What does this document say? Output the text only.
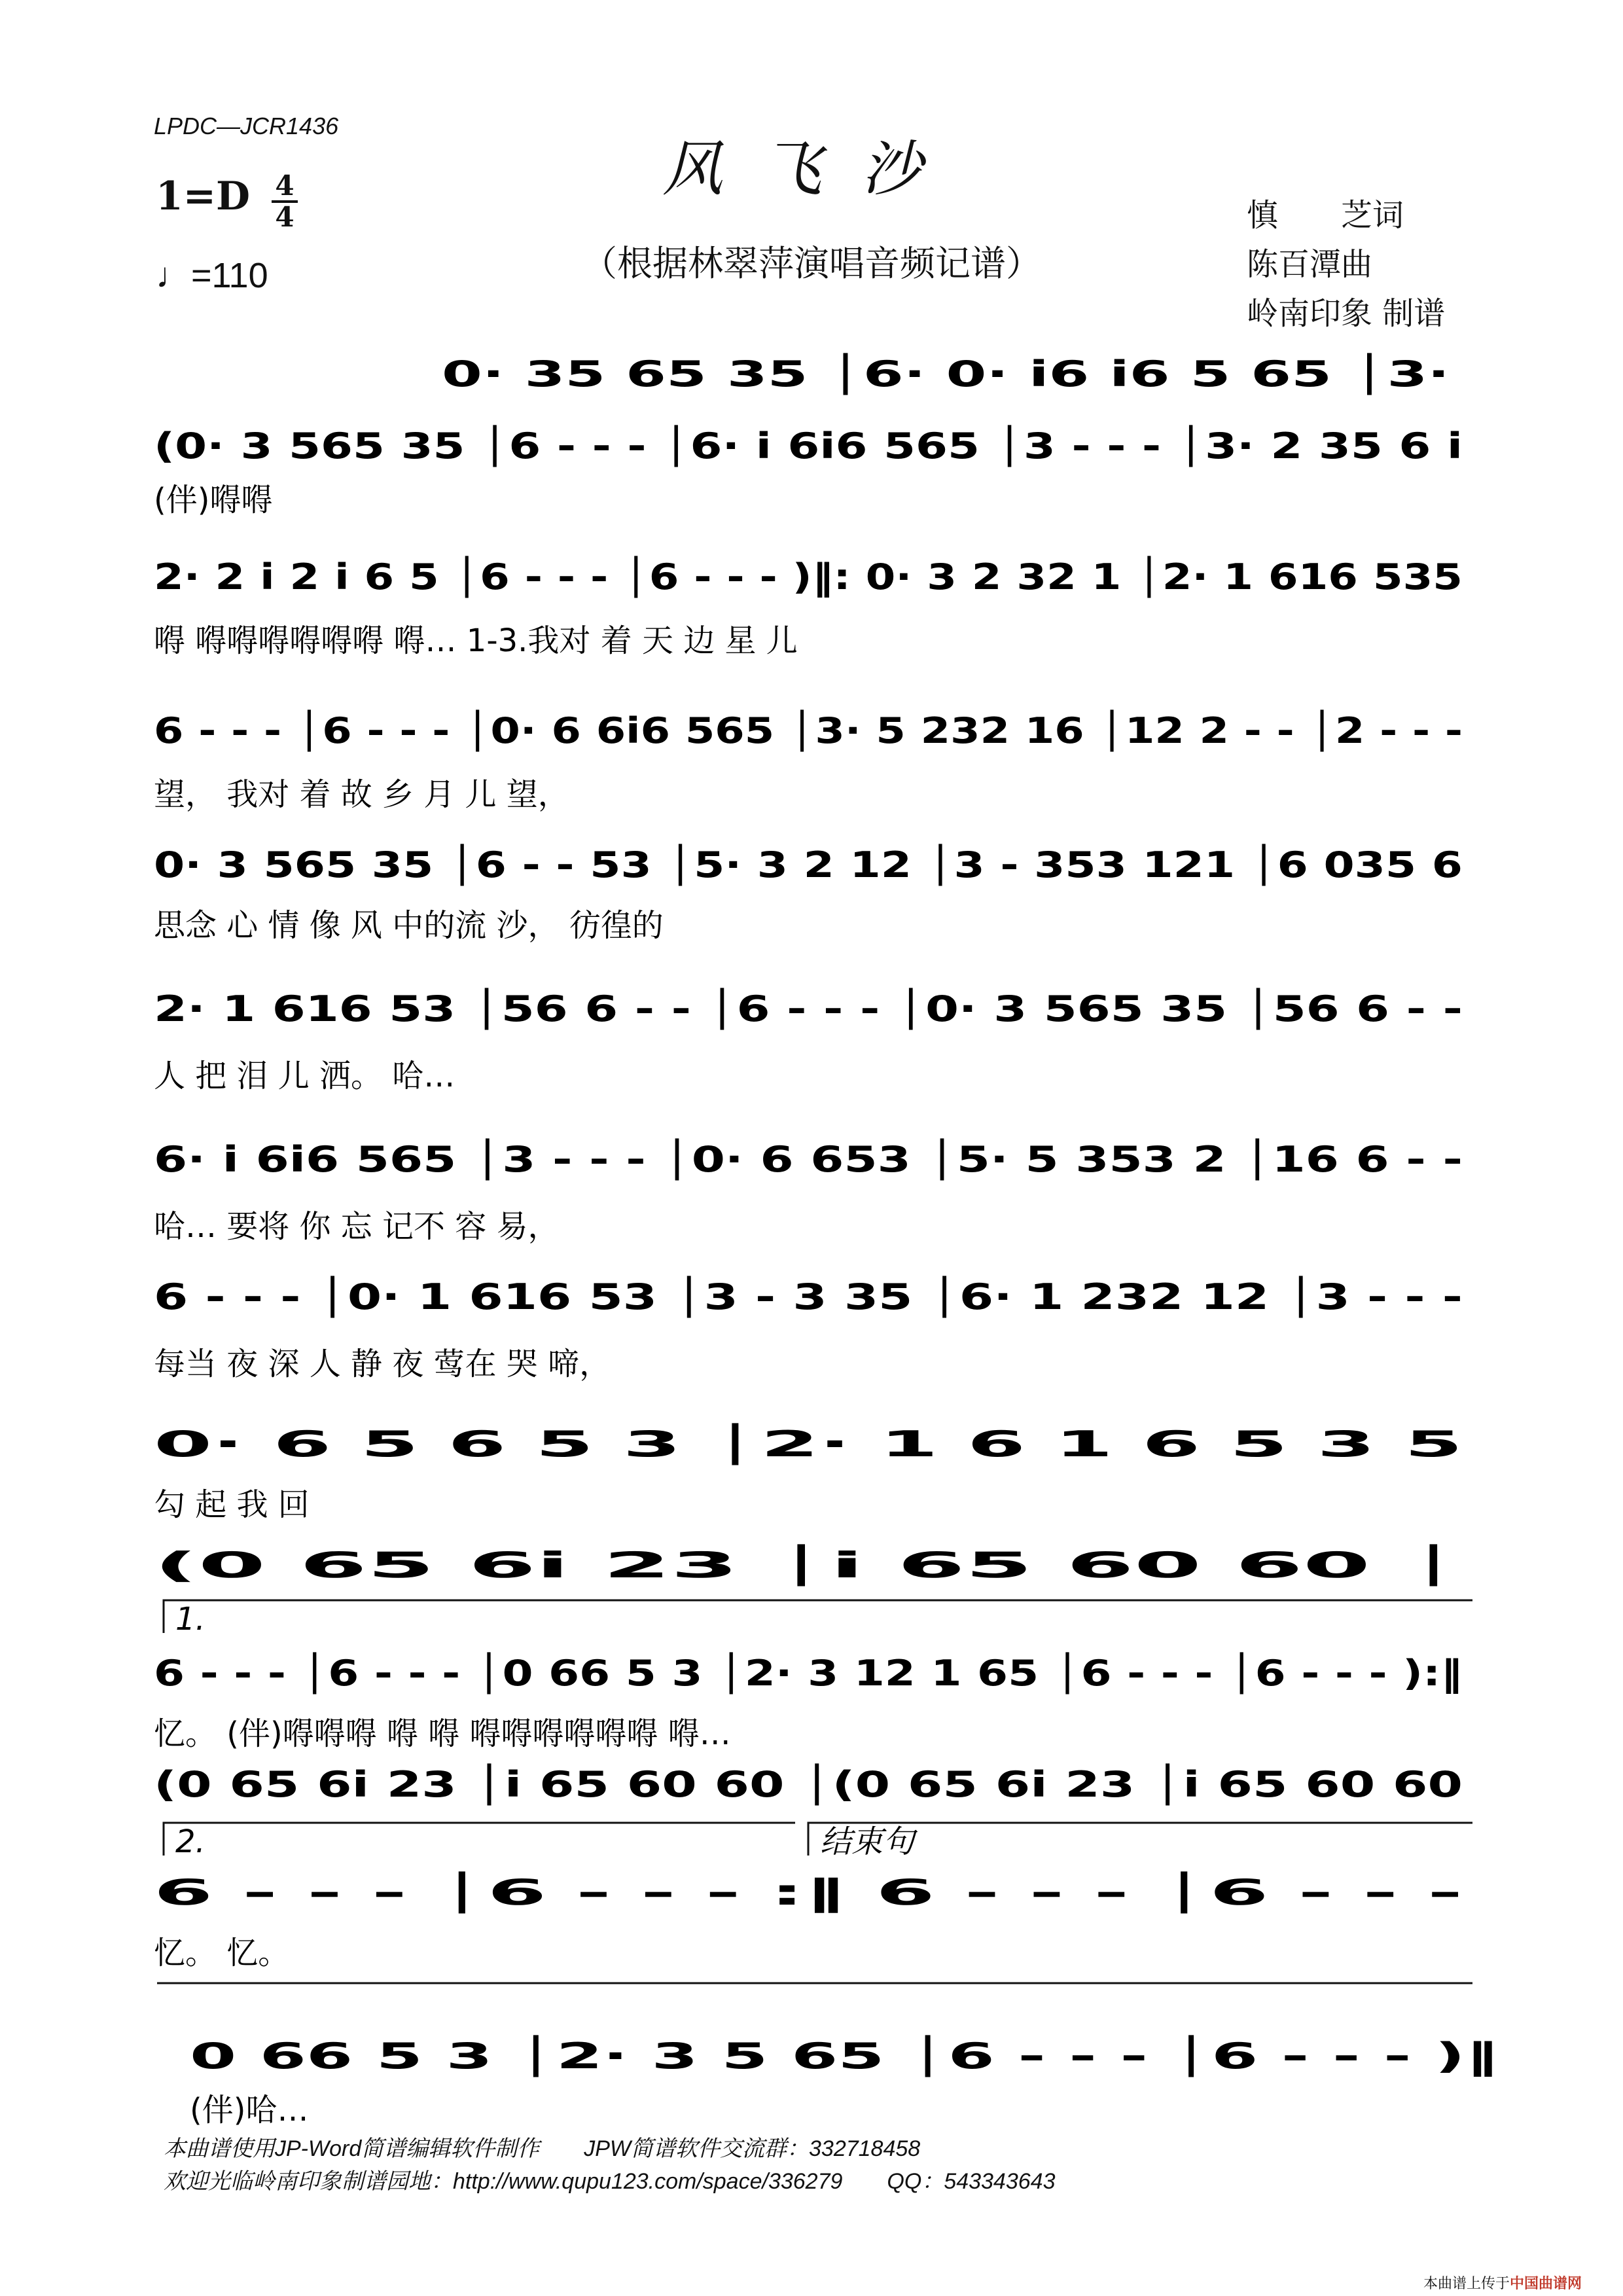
LPDC—JCR1436
风飞沙
（根据林翠萍演唱音频记谱）
1=D 4
4
♩=110
慎　　芝词
陈百潭曲
岭南印象 制谱
0· 35 65 35 │6· 0· i6 i6 5 65 │3·
(0· 3 565 35 │6 - - - │6· i 6i6 565 │3 - - - │3· 2 35 6 i
(伴)嘚嘚
2· 2 i 2 i 6 5 │6 - - - │6 - - - )‖: 0· 3 2 32 1 │2· 1 616 535
嘚 嘚嘚嘚嘚嘚嘚 嘚… 1-3.我对 着 天 边 星 儿
6 - - - │6 - - - │0· 6 6i6 565 │3· 5 232 16 │12 2 - - │2 - - -
望， 我对 着 故 乡 月 儿 望，
0· 3 565 35 │6 - - 53 │5· 3 2 12 │3 - 353 121 │6 035 6
思念 心 情 像 风 中的流 沙， 彷徨的
2· 1 616 53 │56 6 - - │6 - - - │0· 3 565 35 │56 6 - -
人 把 泪 儿 洒。 哈…
6· i 6i6 565 │3 - - - │0· 6 653 │5· 5 353 2 │16 6 - -
哈… 要将 你 忘 记不 容 易，
6 - - - │0· 1 616 53 │3 - 3 35 │6· 1 232 12 │3 - - -
每当 夜 深 人 静 夜 莺在 哭 啼，
0· 6 5 6 5 3 │2· 1 6 1 6 5 3 5
勾 起 我 回
(0 65 6i 23 │i 65 60 60 │
6 - - - │6 - - - │0 66 5 3 │2· 3 12 1 65 │6 - - - │6 - - - ):‖
忆。 (伴)嘚嘚嘚 嘚 嘚 嘚嘚嘚嘚嘚嘚 嘚…
(0 65 6i 23 │i 65 60 60 │(0 65 6i 23 │i 65 60 60
6 - - - │6 - - - :‖ 6 - - - │6 - - -
忆。 忆。
0 66 5 3 │2· 3 5 65 │6 - - - │6 - - - )‖
(伴)哈…
1.
2.	结束句
本曲谱使用JP-Word简谱编辑软件制作　　JPW简谱软件交流群：332718458
欢迎光临岭南印象制谱园地：http://www.qupu123.com/space/336279　　QQ：543343643
本曲谱上传于中国曲谱网
